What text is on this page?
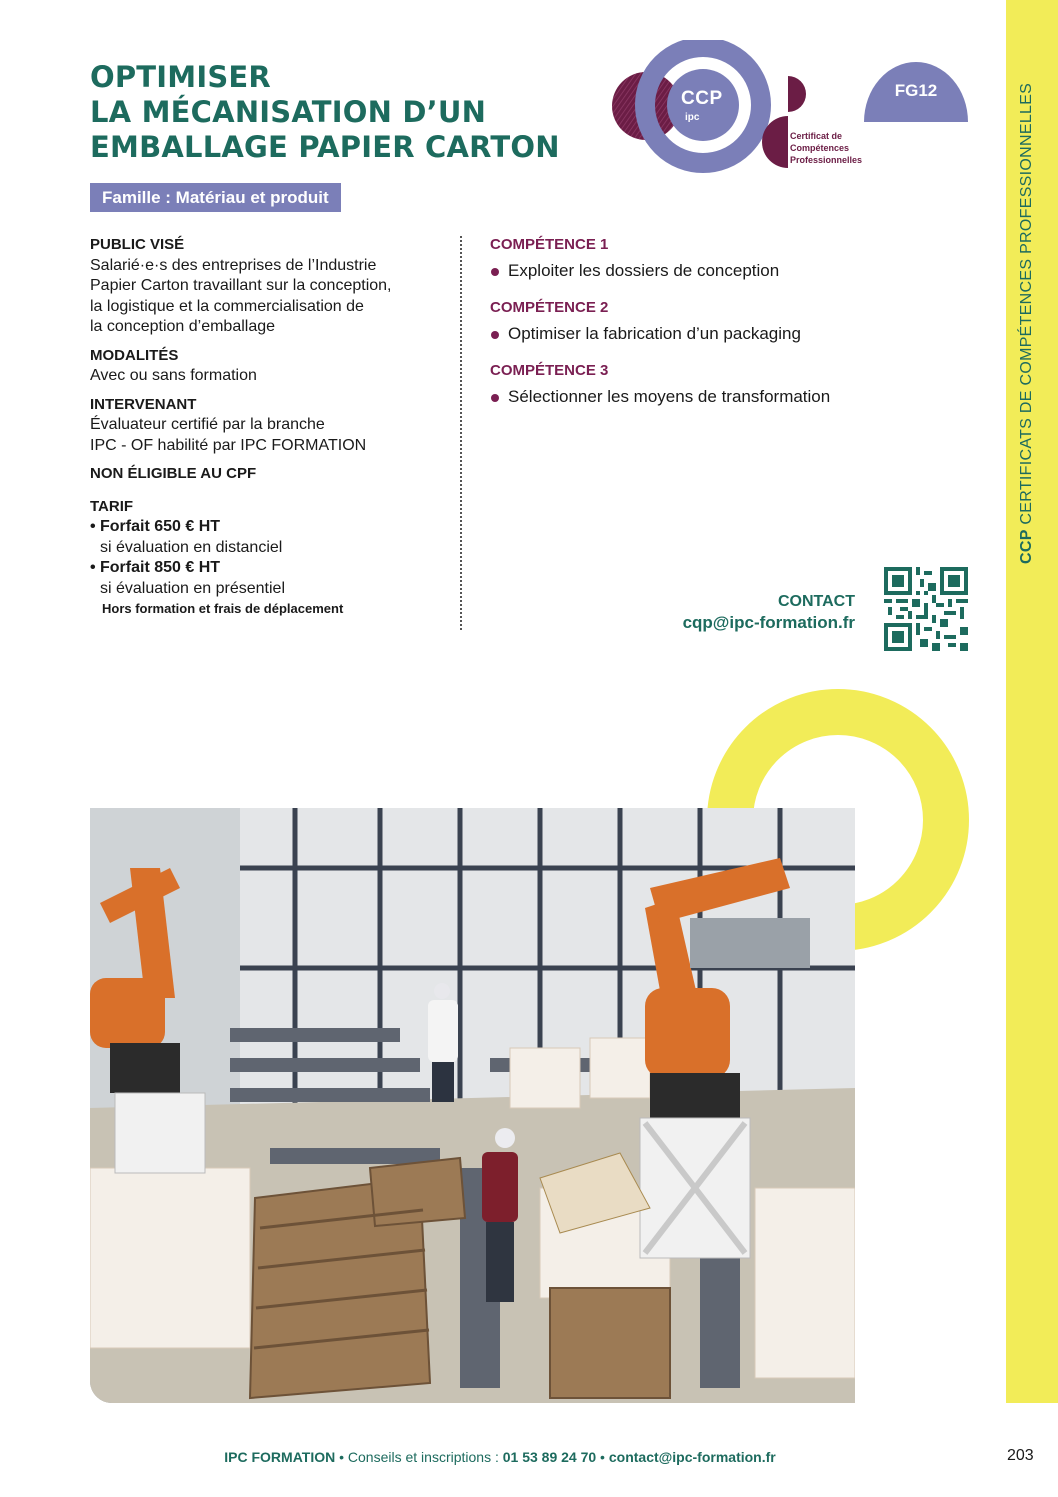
CCP CERTIFICATS DE COMPÉTENCES PROFESSIONNELLES
OPTIMISER
LA MÉCANISATION D’UN
EMBALLAGE PAPIER CARTON
Famille : Matériau et produit
CCP
ipc
Certificat de
Compétences
Professionnelles
FG12
PUBLIC VISÉ
Salarié·e·s des entreprises de l’Industrie
Papier Carton travaillant sur la conception,
la logistique et la commercialisation de
la conception d’emballage
MODALITÉS
Avec ou sans formation
INTERVENANT
Évaluateur certifié par la branche
IPC - OF habilité par IPC FORMATION
NON ÉLIGIBLE AU CPF
TARIF
• Forfait 650 € HT
si évaluation en distanciel
• Forfait 850 € HT
si évaluation en présentiel
Hors formation et frais de déplacement
COMPÉTENCE 1
Exploiter les dossiers de conception
COMPÉTENCE 2
Optimiser la fabrication d’un packaging
COMPÉTENCE 3
Sélectionner les moyens de transformation
CONTACT
cqp@ipc-formation.fr
IPC FORMATION • Conseils et inscriptions : 01 53 89 24 70 • contact@ipc-formation.fr	203
